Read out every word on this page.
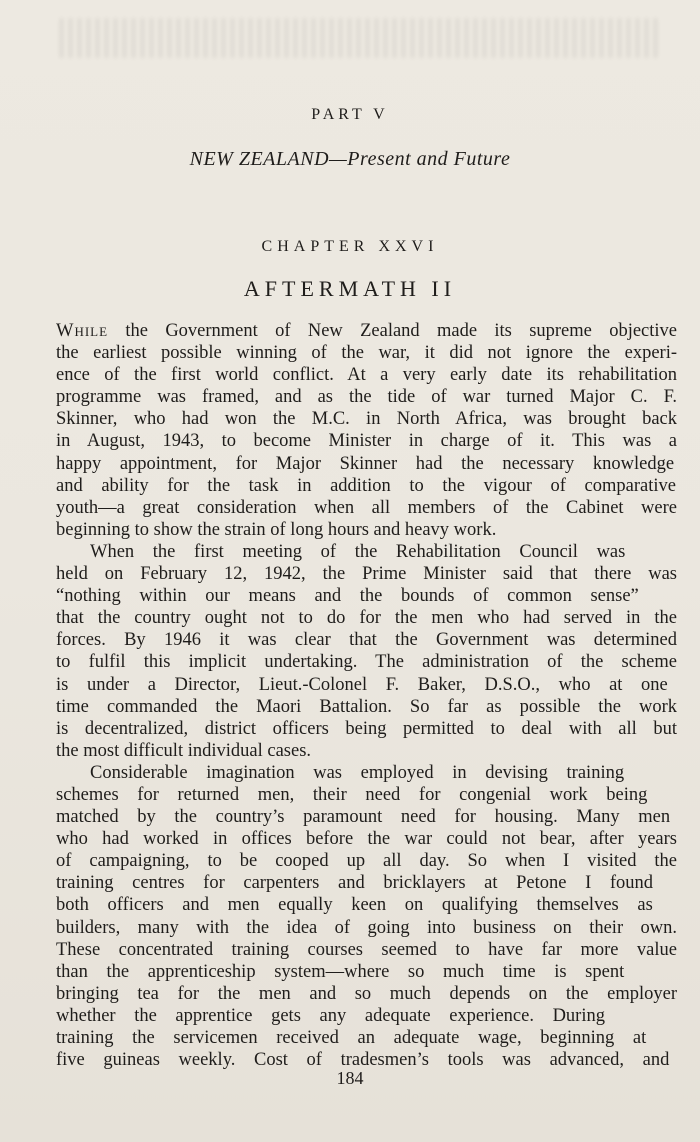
PART V
NEW ZEALAND—Present and Future
CHAPTER XXVI
AFTERMATH II
While the Government of New Zealand made its supreme objective
the earliest possible winning of the war, it did not ignore the experi-
ence of the first world conflict. At a very early date its rehabilitation
programme was framed, and as the tide of war turned Major C. F.
Skinner, who had won the M.C. in North Africa, was brought back
in August, 1943, to become Minister in charge of it. This was a
happy appointment, for Major Skinner had the necessary knowledge
and ability for the task in addition to the vigour of comparative
youth—a great consideration when all members of the Cabinet were
beginning to show the strain of long hours and heavy work.
When the first meeting of the Rehabilitation Council was
held on February 12, 1942, the Prime Minister said that there was
“nothing within our means and the bounds of common sense”
that the country ought not to do for the men who had served in the
forces. By 1946 it was clear that the Government was determined
to fulfil this implicit undertaking. The administration of the scheme
is under a Director, Lieut.-Colonel F. Baker, D.S.O., who at one
time commanded the Maori Battalion. So far as possible the work
is decentralized, district officers being permitted to deal with all but
the most difficult individual cases.
Considerable imagination was employed in devising training
schemes for returned men, their need for congenial work being
matched by the country’s paramount need for housing. Many men
who had worked in offices before the war could not bear, after years
of campaigning, to be cooped up all day. So when I visited the
training centres for carpenters and bricklayers at Petone I found
both officers and men equally keen on qualifying themselves as
builders, many with the idea of going into business on their own.
These concentrated training courses seemed to have far more value
than the apprenticeship system—where so much time is spent
bringing tea for the men and so much depends on the employer
whether the apprentice gets any adequate experience. During
training the servicemen received an adequate wage, beginning at
five guineas weekly. Cost of tradesmen’s tools was advanced, and
184
